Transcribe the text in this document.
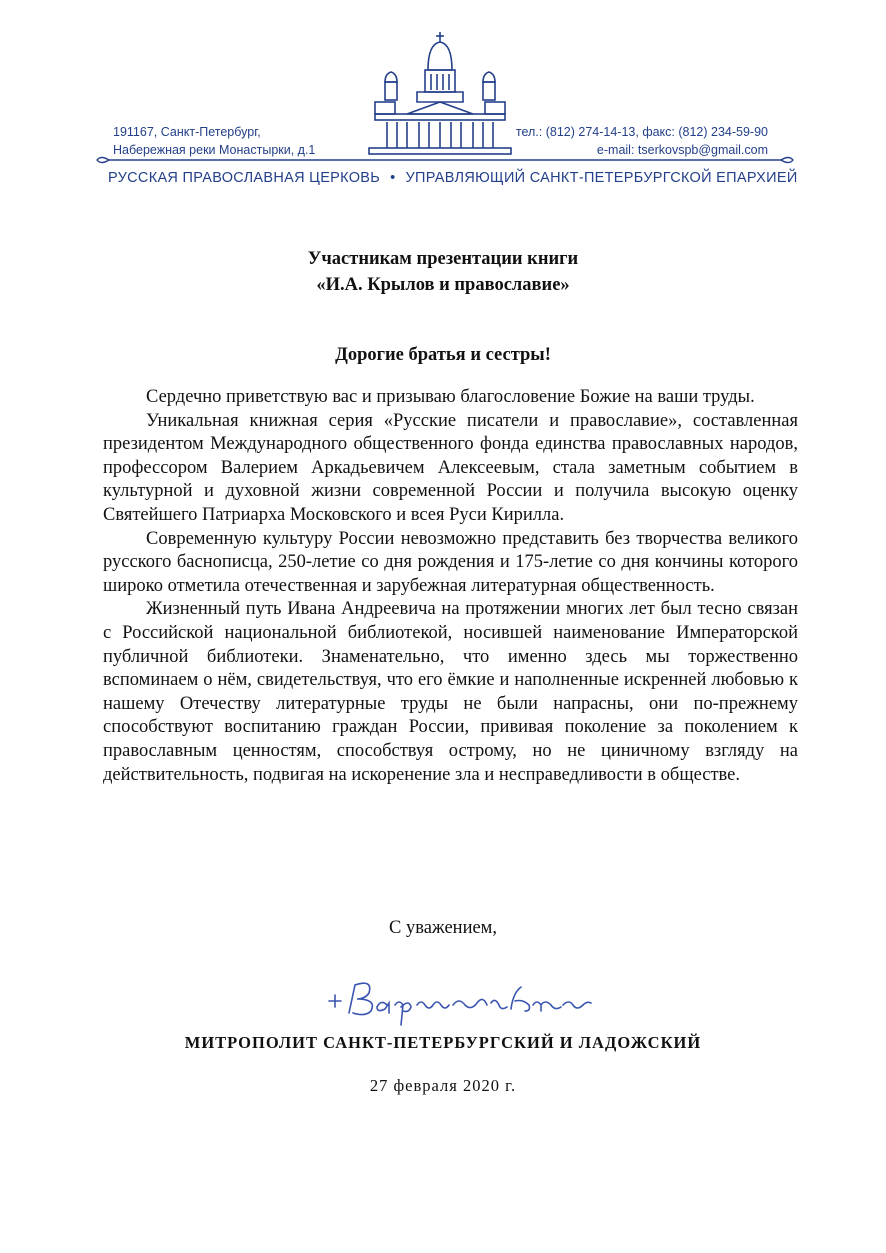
191167, Санкт-Петербург,
Набережная реки Монастырки, д.1
тел.: (812) 274-14-13, факс: (812) 234-59-90
e-mail: tserkovspb@gmail.com
РУССКАЯ ПРАВОСЛАВНАЯ ЦЕРКОВЬ • УПРАВЛЯЮЩИЙ САНКТ-ПЕТЕРБУРГСКОЙ ЕПАРХИЕЙ
Участникам презентации книги
«И.А. Крылов и православие»
Дорогие братья и сестры!

Сердечно приветствую вас и призываю благословение Божие на ваши труды.

Уникальная книжная серия «Русские писатели и православие», составленная президентом Международного общественного фонда единства православных народов, профессором Валерием Аркадьевичем Алексеевым, стала заметным событием в культурной и духовной жизни современной России и получила высокую оценку Святейшего Патриарха Московского и всея Руси Кирилла.

Современную культуру России невозможно представить без творчества великого русского баснописца, 250-летие со дня рождения и 175-летие со дня кончины которого широко отметила отечественная и зарубежная литературная общественность.

Жизненный путь Ивана Андреевича на протяжении многих лет был тесно связан с Российской национальной библиотекой, носившей наименование Императорской публичной библиотеки. Знаменательно, что именно здесь мы торжественно вспоминаем о нём, свидетельствуя, что его ёмкие и наполненные искренней любовью к нашему Отечеству литературные труды не были напрасны, они по-прежнему способствуют воспитанию граждан России, прививая поколение за поколением к православным ценностям, способствуя острому, но не циничному взгляду на действительность, подвигая на искоренение зла и несправедливости в обществе.

С уважением,
МИТРОПОЛИТ САНКТ-ПЕТЕРБУРГСКИЙ И ЛАДОЖСКИЙ
27 февраля 2020 г.
